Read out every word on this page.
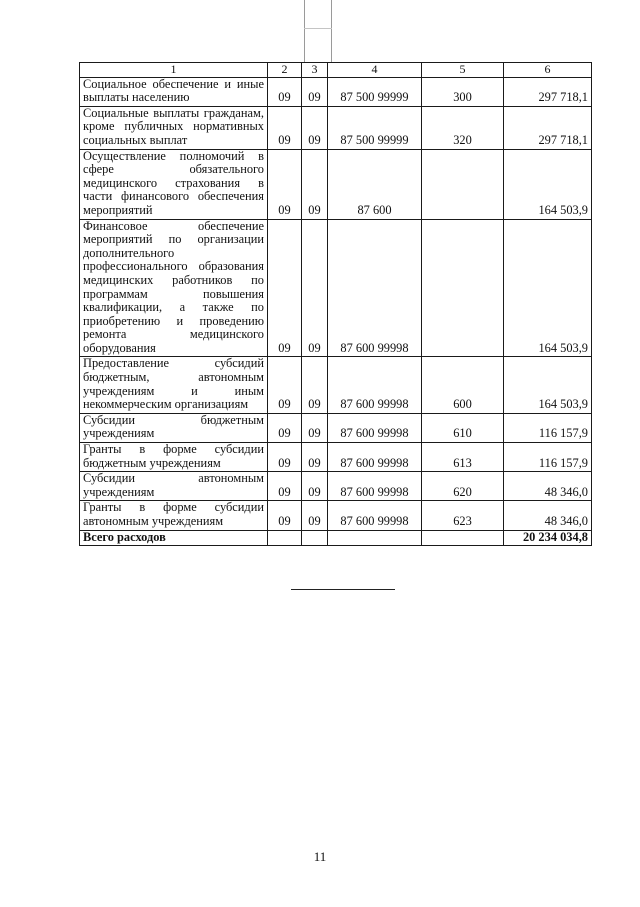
1	2	3	4	5	6
Социальное обеспечение и иные выплаты населению	09	09	87 500 99999	300	297 718,1
Социальные выплаты гражданам, кроме публичных нормативных социальных выплат	09	09	87 500 99999	320	297 718,1
Осуществление полномочий в сфере обязательного медицинского страхования в части финансового обеспечения мероприятий	09	09	87 600		164 503,9
Финансовое обеспечение мероприятий по организации дополнительного профессионального образования медицинских работников по программам повышения квалификации, а также по приобретению и проведению ремонта медицинского оборудования	09	09	87 600 99998		164 503,9
Предоставление субсидий бюджетным, автономным учреждениям и иным некоммерческим организациям	09	09	87 600 99998	600	164 503,9
Субсидии бюджетным учреждениям	09	09	87 600 99998	610	116 157,9
Гранты в форме субсидии бюджетным учреждениям	09	09	87 600 99998	613	116 157,9
Субсидии автономным учреждениям	09	09	87 600 99998	620	48 346,0
Гранты в форме субсидии автономным учреждениям	09	09	87 600 99998	623	48 346,0
Всего расходов					20 234 034,8
11
